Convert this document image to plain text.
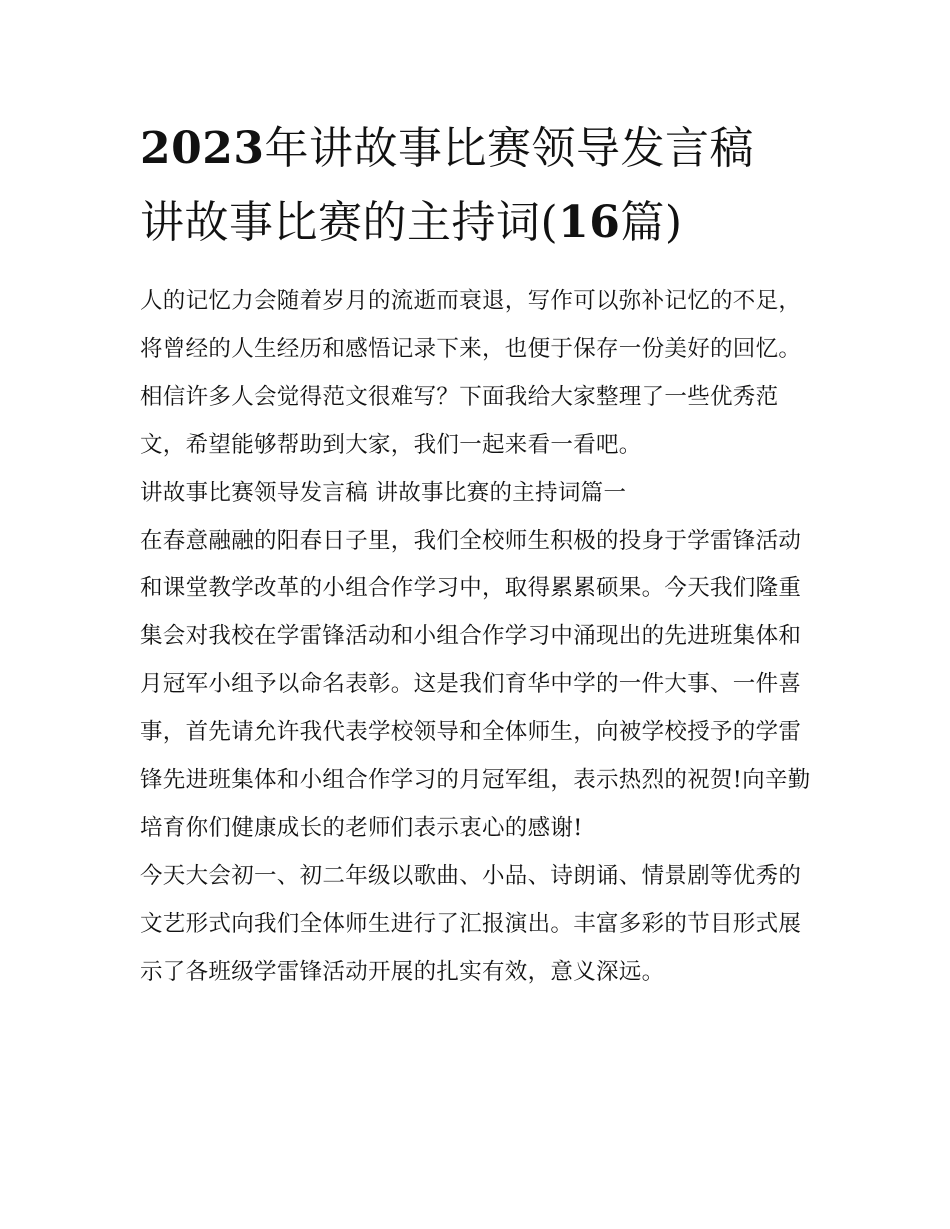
2023年讲故事比赛领导发言稿
讲故事比赛的主持词(16篇)

人的记忆力会随着岁月的流逝而衰退，写作可以弥补记忆的不足，将曾经的人生经历和感悟记录下来，也便于保存一份美好的回忆。相信许多人会觉得范文很难写？下面我给大家整理了一些优秀范文，希望能够帮助到大家，我们一起来看一看吧。

讲故事比赛领导发言稿 讲故事比赛的主持词篇一

在春意融融的阳春日子里，我们全校师生积极的投身于学雷锋活动和课堂教学改革的小组合作学习中，取得累累硕果。今天我们隆重集会对我校在学雷锋活动和小组合作学习中涌现出的先进班集体和月冠军小组予以命名表彰。这是我们育华中学的一件大事、一件喜事，首先请允许我代表学校领导和全体师生，向被学校授予的学雷锋先进班集体和小组合作学习的月冠军组，表示热烈的祝贺!向辛勤培育你们健康成长的老师们表示衷心的感谢!

今天大会初一、初二年级以歌曲、小品、诗朗诵、情景剧等优秀的文艺形式向我们全体师生进行了汇报演出。丰富多彩的节目形式展示了各班级学雷锋活动开展的扎实有效，意义深远。
